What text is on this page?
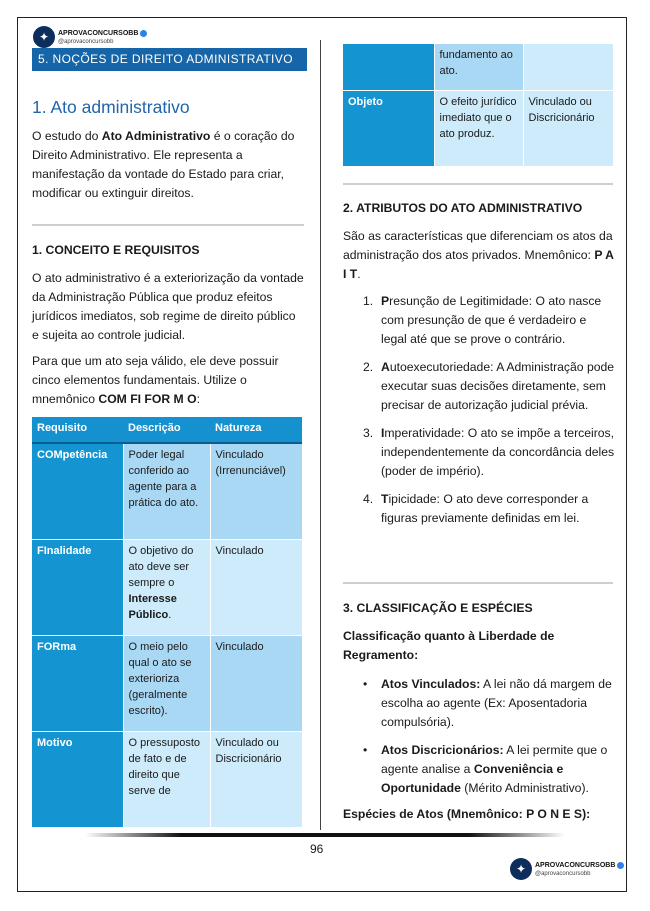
✦	APROVACONCURSOBB
@aprovaconcursobb
5. NOÇÕES DE DIREITO ADMINISTRATIVO
1. Ato administrativo
O estudo do Ato Administrativo é o coração do Direito Administrativo. Ele representa a manifestação da vontade do Estado para criar, modificar ou extinguir direitos.
1. CONCEITO E REQUISITOS
O ato administrativo é a exteriorização da vontade da Administração Pública que produz efeitos jurídicos imediatos, sob regime de direito público e sujeita ao controle judicial.
Para que um ato seja válido, ele deve possuir cinco elementos fundamentais. Utilize o mnemônico COM FI FOR M O:
Requisito	Descrição	Natureza
COMpetência	Poder legal conferido ao agente para a prática do ato.	Vinculado (Irrenunciável)
FInalidade	O objetivo do ato deve ser sempre o Interesse Público.	Vinculado
FORma	O meio pelo qual o ato se exterioriza (geralmente escrito).	Vinculado
Motivo	O pressuposto de fato e de direito que serve de	Vinculado ou Discricionário
	fundamento ao ato.	
Objeto	O efeito jurídico imediato que o ato produz.	Vinculado ou Discricionário
2. ATRIBUTOS DO ATO ADMINISTRATIVO
São as características que diferenciam os atos da administração dos atos privados. Mnemônico: P A I T.
1. Presunção de Legitimidade: O ato nasce com presunção de que é verdadeiro e legal até que se prove o contrário.
2. Autoexecutoriedade: A Administração pode executar suas decisões diretamente, sem precisar de autorização judicial prévia.
3. Imperatividade: O ato se impõe a terceiros, independentemente da concordância deles (poder de império).
4. Tipicidade: O ato deve corresponder a figuras previamente definidas em lei.
3. CLASSIFICAÇÃO E ESPÉCIES
Classificação quanto à Liberdade de Regramento:
• Atos Vinculados: A lei não dá margem de escolha ao agente (Ex: Aposentadoria compulsória).
• Atos Discricionários: A lei permite que o agente analise a Conveniência e Oportunidade (Mérito Administrativo).
Espécies de Atos (Mnemônico: P O N E S):
96
✦	APROVACONCURSOBB
@aprovaconcursobb
